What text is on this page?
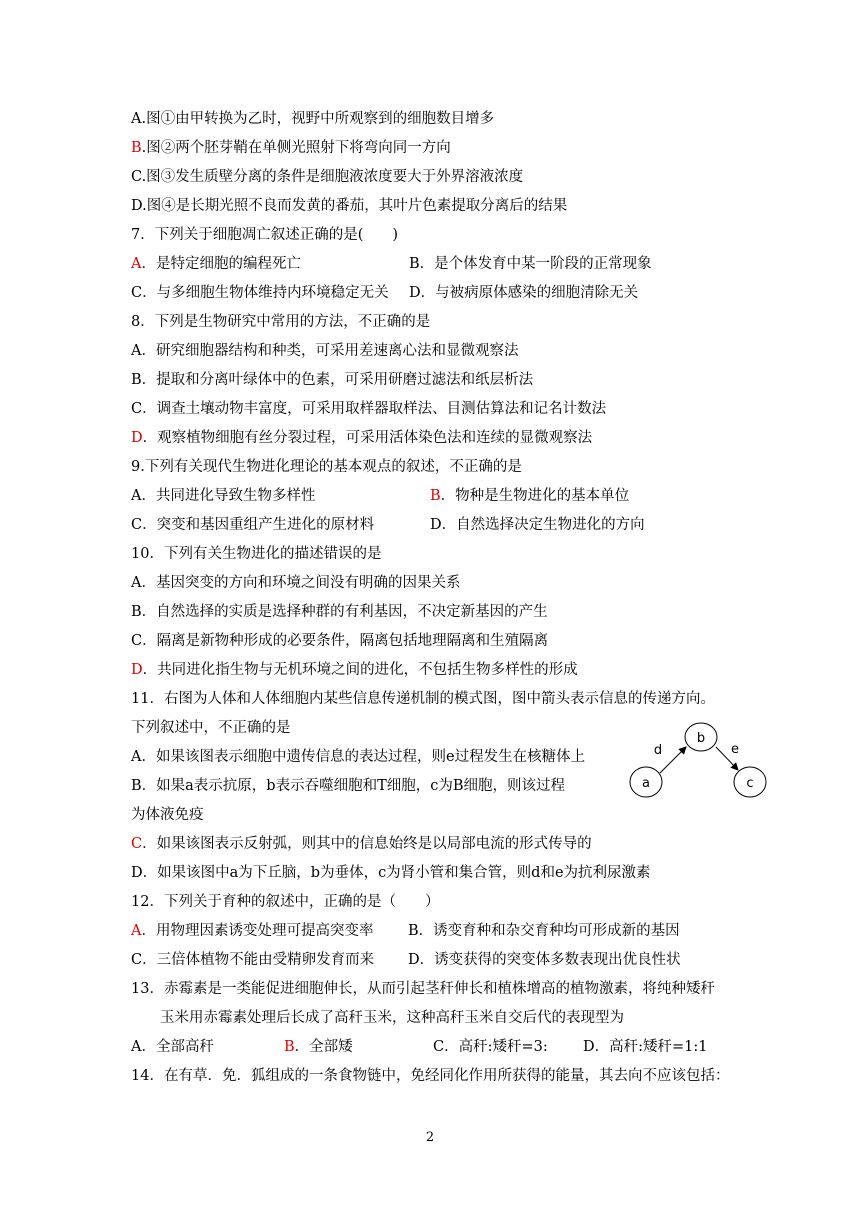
A.图①由甲转换为乙时，视野中所观察到的细胞数目增多
B.图②两个胚芽鞘在单侧光照射下将弯向同一方向
C.图③发生质壁分离的条件是细胞液浓度要大于外界溶液浓度
D.图④是长期光照不良而发黄的番茄，其叶片色素提取分离后的结果
7．下列关于细胞凋亡叙述正确的是(　　)
A．是特定细胞的编程死亡	B．是个体发育中某一阶段的正常现象
C．与多细胞生物体维持内环境稳定无关 D．与被病原体感染的细胞清除无关
8．下列是生物研究中常用的方法，不正确的是
A．研究细胞器结构和种类，可采用差速离心法和显微观察法
B．提取和分离叶绿体中的色素，可采用研磨过滤法和纸层析法
C．调查土壤动物丰富度，可采用取样器取样法、目测估算法和记名计数法
D．观察植物细胞有丝分裂过程，可采用活体染色法和连续的显微观察法
9.下列有关现代生物进化理论的基本观点的叙述，不正确的是
A．共同进化导致生物多样性	B．物种是生物进化的基本单位
C．突变和基因重组产生进化的原材料	D．自然选择决定生物进化的方向
10．下列有关生物进化的描述错误的是
A．基因突变的方向和环境之间没有明确的因果关系
B．自然选择的实质是选择种群的有利基因，不决定新基因的产生
C．隔离是新物种形成的必要条件，隔离包括地理隔离和生殖隔离
D．共同进化指生物与无机环境之间的进化，不包括生物多样性的形成
11．右图为人体和人体细胞内某些信息传递机制的模式图，图中箭头表示信息的传递方向。
下列叙述中，不正确的是
A．如果该图表示细胞中遗传信息的表达过程，则e过程发生在核糖体上
B．如果a表示抗原，b表示吞噬细胞和T细胞，c为B细胞，则该过程
为体液免疫
C．如果该图表示反射弧，则其中的信息始终是以局部电流的形式传导的
D．如果该图中a为下丘脑，b为垂体，c为肾小管和集合管，则d和e为抗利尿激素
b
a	c
d	e
12．下列关于育种的叙述中，正确的是（　　）
A．用物理因素诱变处理可提高突变率 B．诱变育种和杂交育种均可形成新的基因
C．三倍体植物不能由受精卵发育而来 D．诱变获得的突变体多数表现出优良性状
13．赤霉素是一类能促进细胞伸长，从而引起茎秆伸长和植株增高的植物激素，将纯种矮秆
玉米用赤霉素处理后长成了高秆玉米，这种高秆玉米自交后代的表现型为
A．全部高秆	B．全部矮	C．高秆:矮秆=3: D．高秆:矮秆=1:1
14．在有草．免．狐组成的一条食物链中，免经同化作用所获得的能量，其去向不应该包括：
2
